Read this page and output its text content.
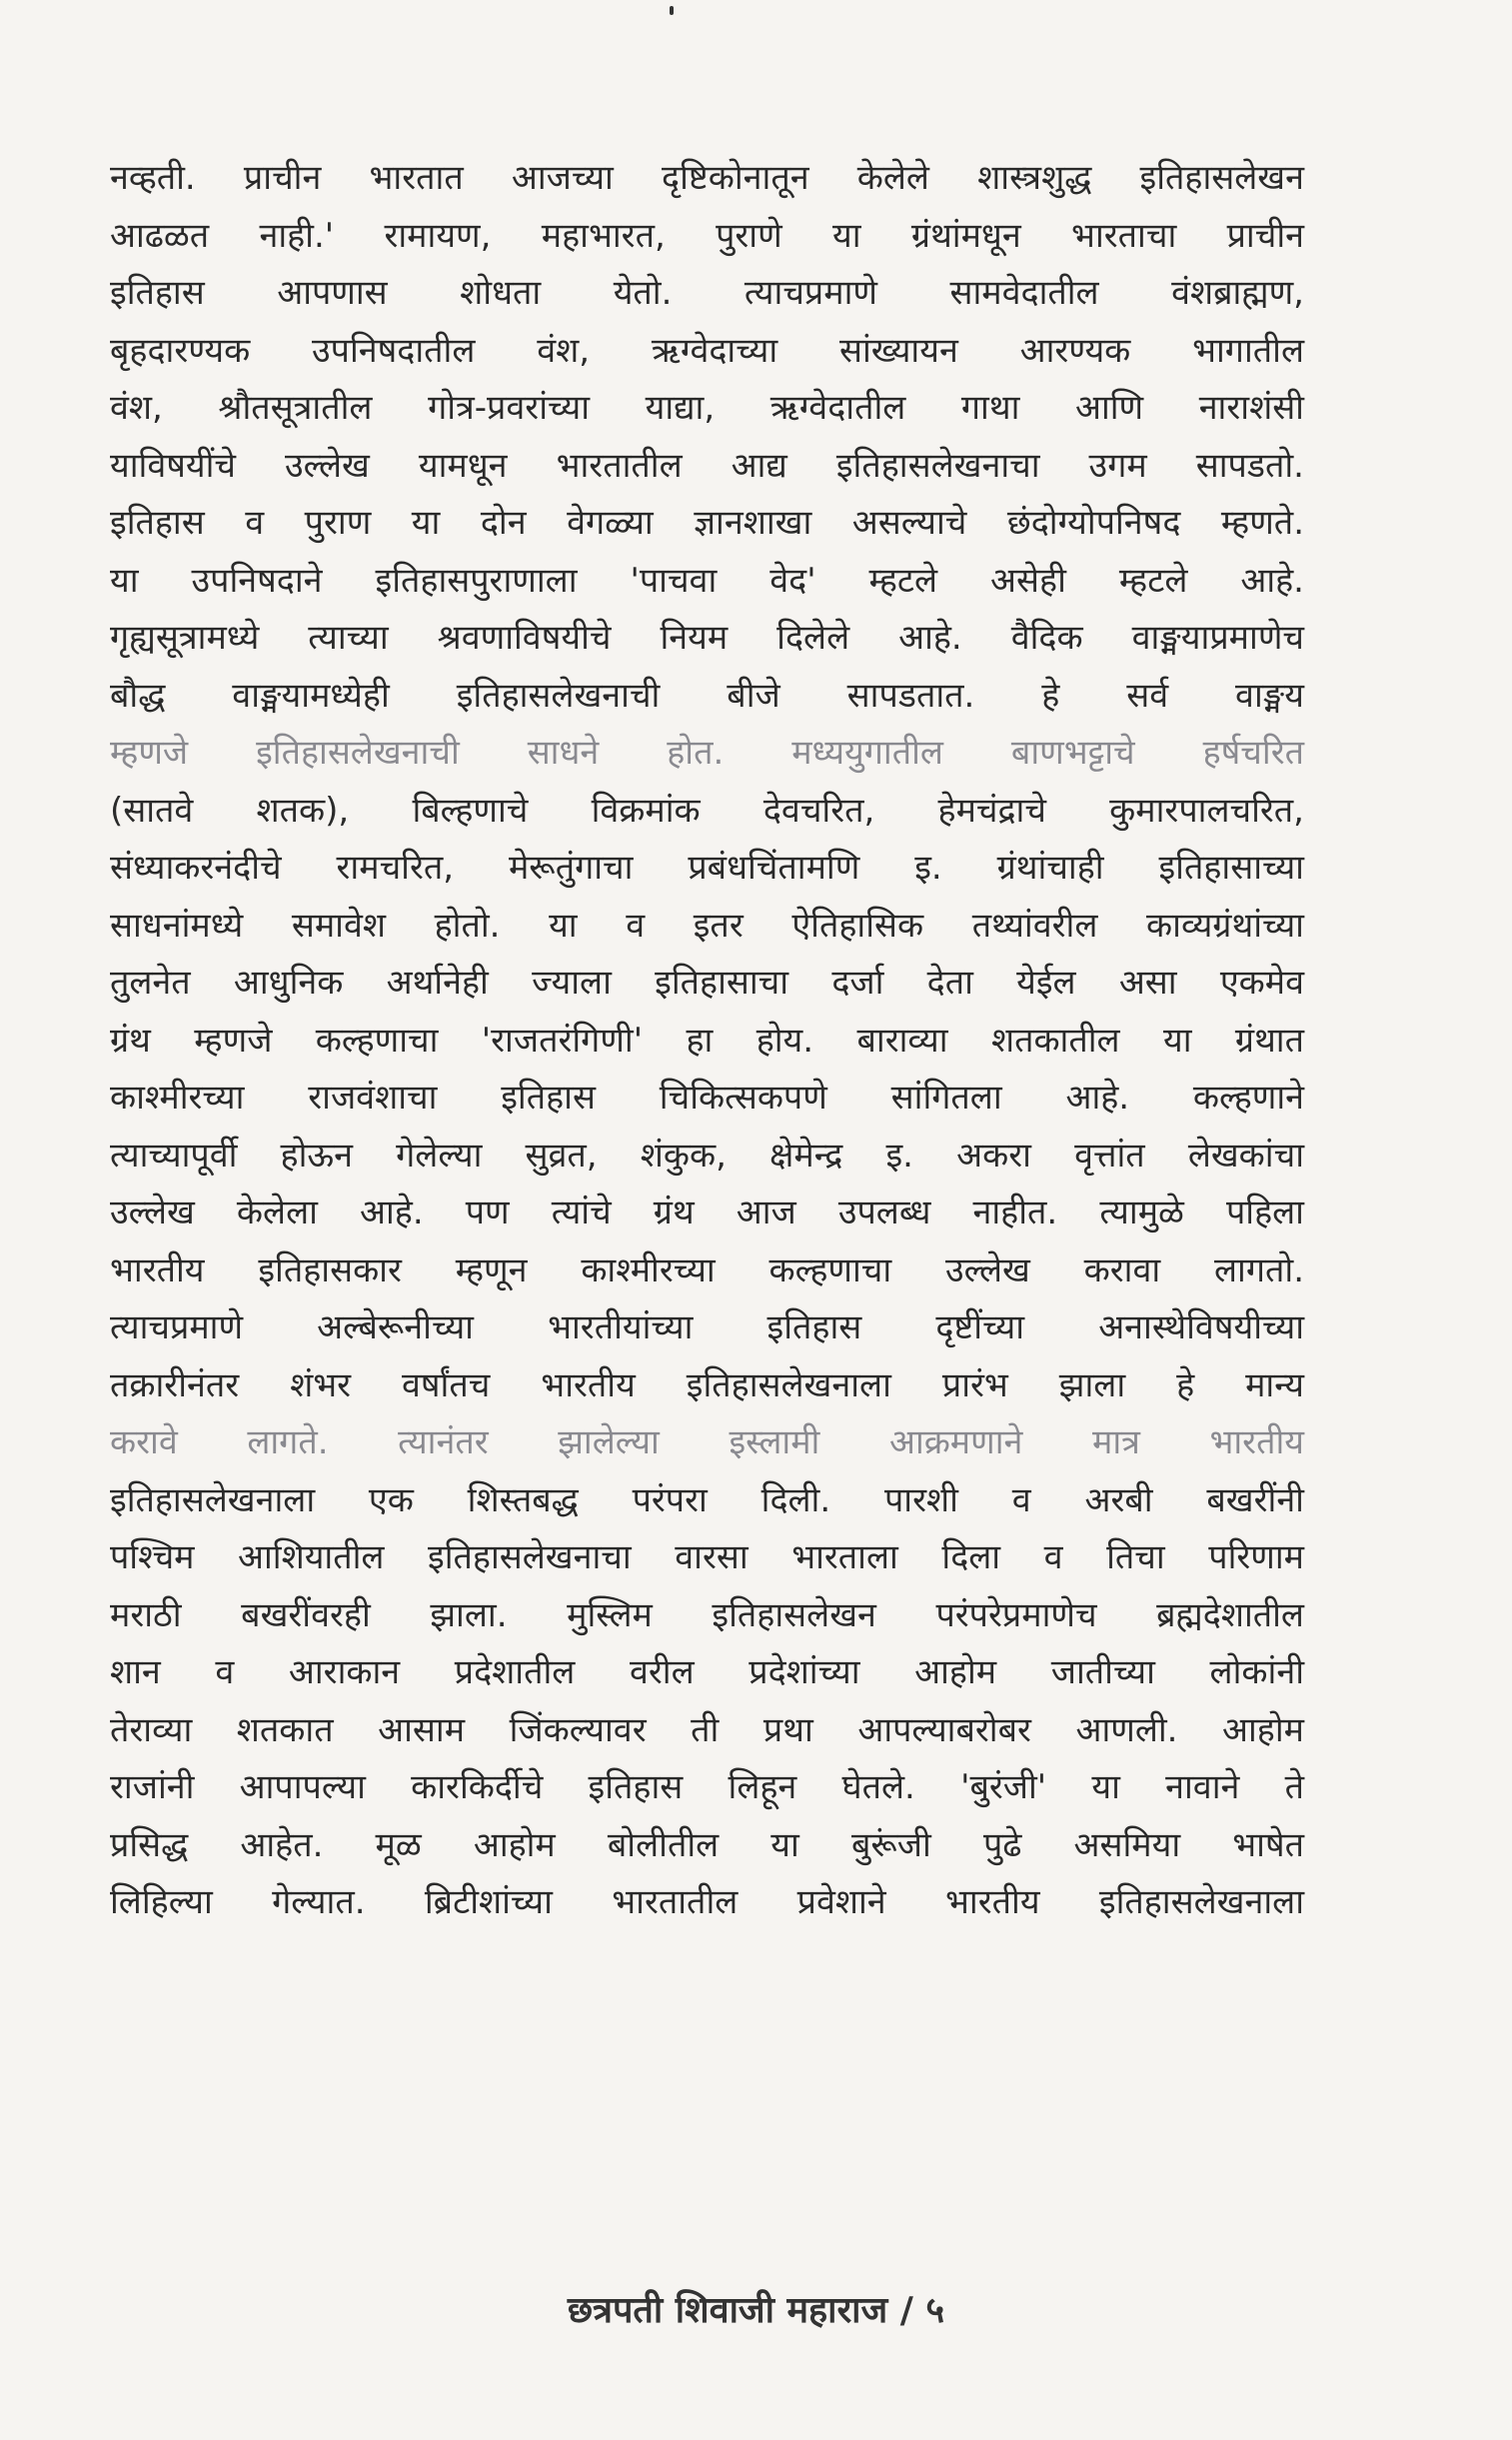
नव्हती. प्राचीन भारतात आजच्या दृष्टिकोनातून केलेले शास्त्रशुद्ध इतिहासलेखन
आढळत नाही.' रामायण, महाभारत, पुराणे या ग्रंथांमधून भारताचा प्राचीन
इतिहास आपणास शोधता येतो. त्याचप्रमाणे सामवेदातील वंशब्राह्मण,
बृहदारण्यक उपनिषदातील वंश, ऋग्वेदाच्या सांख्यायन आरण्यक भागातील
वंश, श्रौतसूत्रातील गोत्र-प्रवरांच्या याद्या, ऋग्वेदातील गाथा आणि नाराशंसी
याविषयींचे उल्लेख यामधून भारतातील आद्य इतिहासलेखनाचा उगम सापडतो.
इतिहास व पुराण या दोन वेगळ्या ज्ञानशाखा असल्याचे छंदोग्योपनिषद म्हणते.
या उपनिषदाने इतिहासपुराणाला 'पाचवा वेद' म्हटले असेही म्हटले आहे.
गृह्यसूत्रामध्ये त्याच्या श्रवणाविषयीचे नियम दिलेले आहे. वैदिक वाङ्मयाप्रमाणेच
बौद्ध वाङ्मयामध्येही इतिहासलेखनाची बीजे सापडतात. हे सर्व वाङ्मय
म्हणजे इतिहासलेखनाची साधने होत. मध्ययुगातील बाणभट्टाचे हर्षचरित
(सातवे शतक), बिल्हणाचे विक्रमांक देवचरित, हेमचंद्राचे कुमारपालचरित,
संध्याकरनंदीचे रामचरित, मेरूतुंगाचा प्रबंधचिंतामणि इ. ग्रंथांचाही इतिहासाच्या
साधनांमध्ये समावेश होतो. या व इतर ऐतिहासिक तथ्यांवरील काव्यग्रंथांच्या
तुलनेत आधुनिक अर्थानेही ज्याला इतिहासाचा दर्जा देता येईल असा एकमेव
ग्रंथ म्हणजे कल्हणाचा 'राजतरंगिणी' हा होय. बाराव्या शतकातील या ग्रंथात
काश्मीरच्या राजवंशाचा इतिहास चिकित्सकपणे सांगितला आहे. कल्हणाने
त्याच्यापूर्वी होऊन गेलेल्या सुव्रत, शंकुक, क्षेमेन्द्र इ. अकरा वृत्तांत लेखकांचा
उल्लेख केलेला आहे. पण त्यांचे ग्रंथ आज उपलब्ध नाहीत. त्यामुळे पहिला
भारतीय इतिहासकार म्हणून काश्मीरच्या कल्हणाचा उल्लेख करावा लागतो.
त्याचप्रमाणे अल्बेरूनीच्या भारतीयांच्या इतिहास दृष्टींच्या अनास्थेविषयीच्या
तक्रारीनंतर शंभर वर्षांतच भारतीय इतिहासलेखनाला प्रारंभ झाला हे मान्य
करावे लागते. त्यानंतर झालेल्या इस्लामी आक्रमणाने मात्र भारतीय
इतिहासलेखनाला एक शिस्तबद्ध परंपरा दिली. पारशी व अरबी बखरींनी
पश्चिम आशियातील इतिहासलेखनाचा वारसा भारताला दिला व तिचा परिणाम
मराठी बखरींवरही झाला. मुस्लिम इतिहासलेखन परंपरेप्रमाणेच ब्रह्मदेशातील
शान व आराकान प्रदेशातील वरील प्रदेशांच्या आहोम जातीच्या लोकांनी
तेराव्या शतकात आसाम जिंकल्यावर ती प्रथा आपल्याबरोबर आणली. आहोम
राजांनी आपापल्या कारकिर्दीचे इतिहास लिहून घेतले. 'बुरंजी' या नावाने ते
प्रसिद्ध आहेत. मूळ आहोम बोलीतील या बुरूंजी पुढे असमिया भाषेत
लिहिल्या गेल्यात. ब्रिटीशांच्या भारतातील प्रवेशाने भारतीय इतिहासलेखनाला
छत्रपती शिवाजी महाराज / ५
